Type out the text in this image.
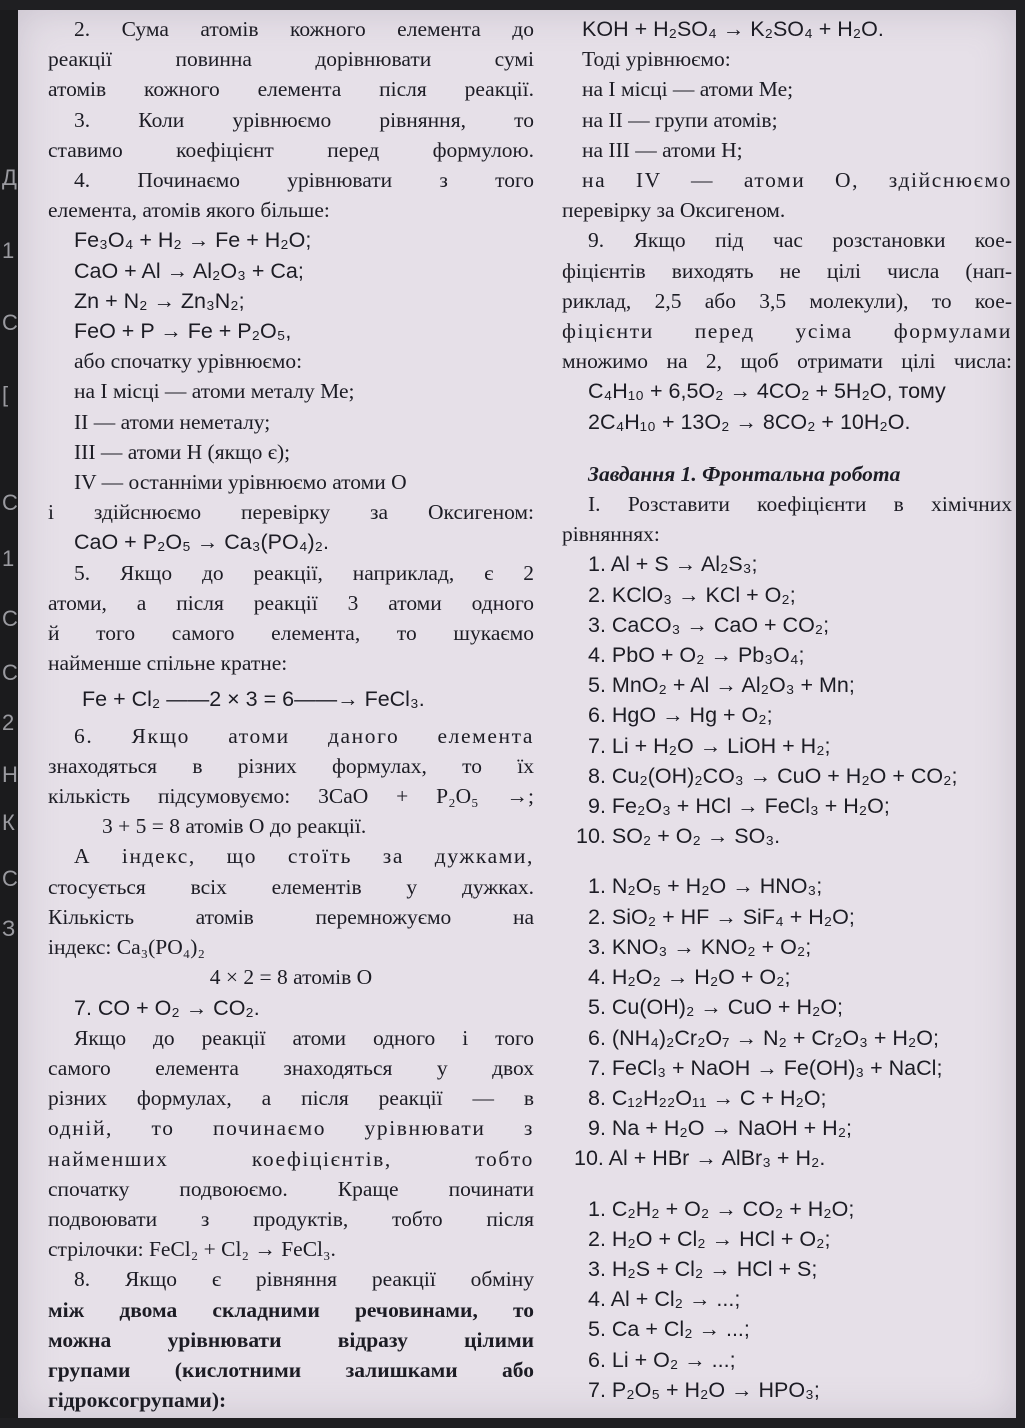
Д
1
С
[
С
1
С
С
2
Н
К
С
З
2. Сума атомів кожного елемента до
реакції повинна дорівнювати сумі
атомів кожного елемента після реакції.
3. Коли урівнюємо рівняння, то
ставимо коефіцієнт перед формулою.
4. Починаємо урівнювати з того
елемента, атомів якого більше:
Fe₃O₄ + H₂ → Fe + H₂O;
CaO + Al → Al₂O₃ + Ca;
Zn + N₂ → Zn₃N₂;
FeO + P → Fe + P₂O₅,
або спочатку урівнюємо:
на I місці — атоми металу Ме;
II — атоми неметалу;
III — атоми Н (якщо є);
IV — останніми урівнюємо атоми О
і здійснюємо перевірку за Оксигеном:
CaO + P₂O₅ → Ca₃(PO₄)₂.
5. Якщо до реакції, наприклад, є 2
атоми, а після реакції 3 атоми одного
й того самого елемента, то шукаємо
найменше спільне кратне:
Fe + Cl₂ ——2 × 3 = 6——→ FeCl₃.
6. Якщо атоми даного елемента
знаходяться в різних формулах, то їх
кількість підсумовуємо: 3CaO + P₂O₅ →;
3 + 5 = 8 атомів О до реакції.
А індекс, що стоїть за дужками,
стосується всіх елементів у дужках.
Кількість атомів перемножуємо на
індекс: Ca₃(PO₄)₂
4 × 2 = 8 атомів О
7. CO + O₂ → CO₂.
Якщо до реакції атоми одного і того
самого елемента знаходяться у двох
різних формулах, а після реакції — в
одній, то починаємо урівнювати з
найменших коефіцієнтів, тобто
спочатку подвоюємо. Краще починати
подвоювати з продуктів, тобто після
стрілочки: FeCl₂ + Cl₂ → FeCl₃.
8. Якщо є рівняння реакції обміну
між двома складними речовинами, то
можна урівнювати відразу цілими
групами (кислотними залишками або
гідроксогрупами):
KOH + H₂SO₄ → K₂SO₄ + H₂O.
Тоді урівнюємо:
на I місці — атоми Ме;
на II — групи атомів;
на III — атоми Н;
на IV — атоми О, здійснюємо
перевірку за Оксигеном.
9. Якщо під час розстановки кое-
фіцієнтів виходять не цілі числа (нап-
риклад, 2,5 або 3,5 молекули), то кое-
фіцієнти перед усіма формулами
множимо на 2, щоб отримати цілі числа:
C₄H₁₀ + 6,5O₂ → 4CO₂ + 5H₂O, тому
2C₄H₁₀ + 13O₂ → 8CO₂ + 10H₂O.
Завдання 1. Фронтальна робота
I. Розставити коефіцієнти в хімічних
рівняннях:
1. Al + S → Al₂S₃;
2. KClO₃ → KCl + O₂;
3. CaCO₃ → CaO + CO₂;
4. PbO + O₂ → Pb₃O₄;
5. MnO₂ + Al → Al₂O₃ + Mn;
6. HgO → Hg + O₂;
7. Li + H₂O → LiOH + H₂;
8. Cu₂(OH)₂CO₃ → CuO + H₂O + CO₂;
9. Fe₂O₃ + HCl → FeCl₃ + H₂O;
10. SO₂ + O₂ → SO₃.
1. N₂O₅ + H₂O → HNO₃;
2. SiO₂ + HF → SiF₄ + H₂O;
3. KNO₃ → KNO₂ + O₂;
4. H₂O₂ → H₂O + O₂;
5. Cu(OH)₂ → CuO + H₂O;
6. (NH₄)₂Cr₂O₇ → N₂ + Cr₂O₃ + H₂O;
7. FeCl₃ + NaOH → Fe(OH)₃ + NaCl;
8. C₁₂H₂₂O₁₁ → C + H₂O;
9. Na + H₂O → NaOH + H₂;
10. Al + HBr → AlBr₃ + H₂.
1. C₂H₂ + O₂ → CO₂ + H₂O;
2. H₂O + Cl₂ → HCl + O₂;
3. H₂S + Cl₂ → HCl + S;
4. Al + Cl₂ → ...;
5. Ca + Cl₂ → ...;
6. Li + O₂ → ...;
7. P₂O₅ + H₂O → HPO₃;
